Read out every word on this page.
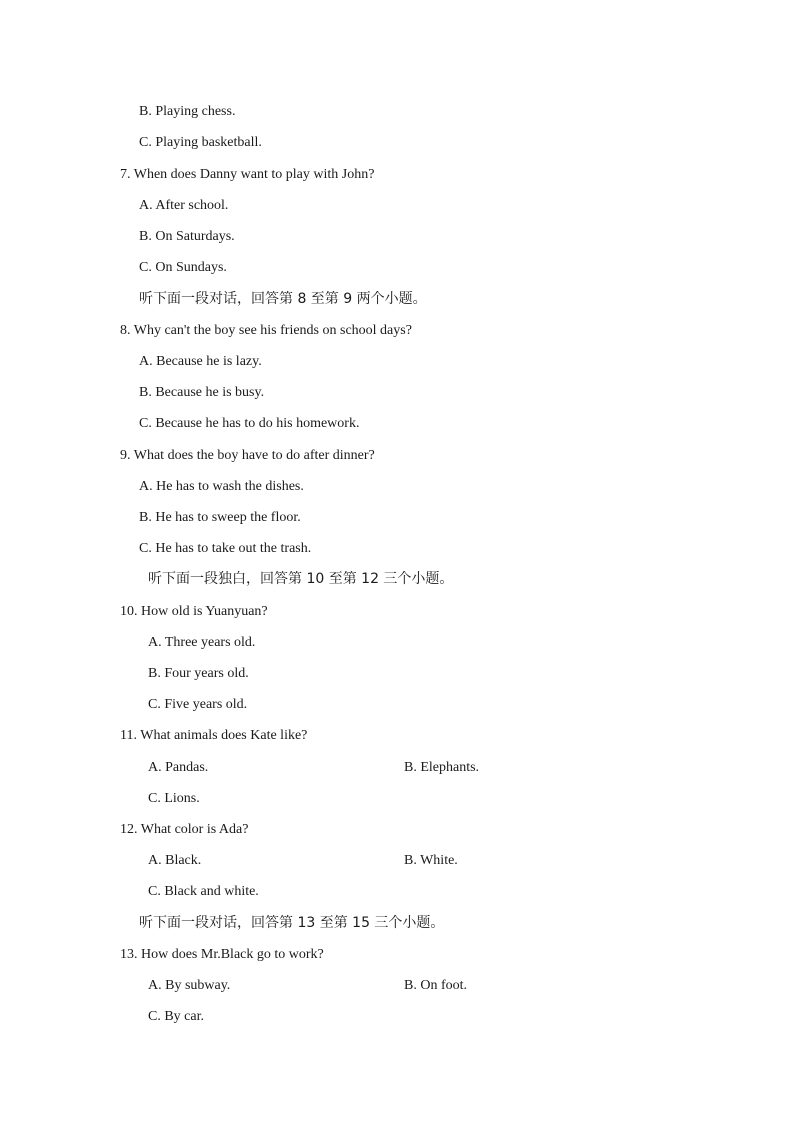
B. Playing chess.
C. Playing basketball.
7. When does Danny want to play with John?
A. After school.
B. On Saturdays.
C. On Sundays.
听下面一段对话，回答第 8 至第 9 两个小题。
8. Why can't the boy see his friends on school days?
A. Because he is lazy.
B. Because he is busy.
C. Because he has to do his homework.
9. What does the boy have to do after dinner?
A. He has to wash the dishes.
B. He has to sweep the floor.
C. He has to take out the trash.
听下面一段独白，回答第 10 至第 12 三个小题。
10. How old is Yuanyuan?
A. Three years old.
B. Four years old.
C. Five years old.
11. What animals does Kate like?
A. Pandas.	B. Elephants.
C. Lions.
12. What color is Ada?
A. Black.	B. White.
C. Black and white.
听下面一段对话，回答第 13 至第 15 三个小题。
13. How does Mr.Black go to work?
A. By subway.	B. On foot.
C. By car.
